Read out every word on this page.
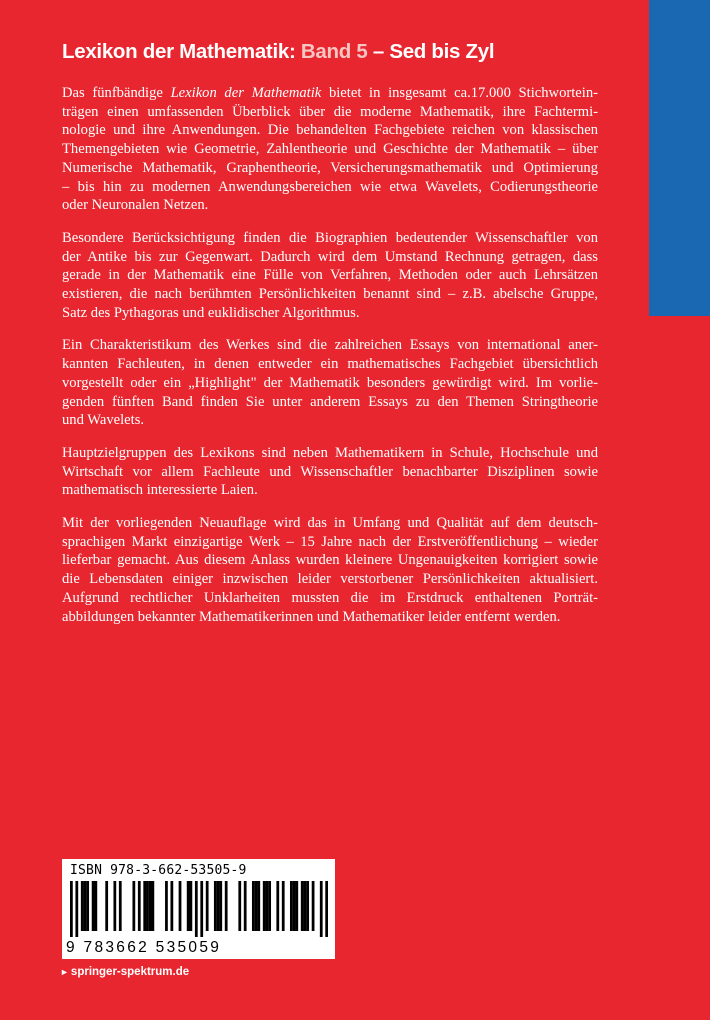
Lexikon der Mathematik: Band 5 – Sed bis Zyl

Das fünfbändige Lexikon der Mathematik bietet in insgesamt ca.17.000 Stichwortein-
trägen einen umfassenden Überblick über die moderne Mathematik, ihre Fachtermi-
nologie und ihre Anwendungen. Die behandelten Fachgebiete reichen von klassischen
Themengebieten wie Geometrie, Zahlentheorie und Geschichte der Mathematik – über
Numerische Mathematik, Graphentheorie, Versicherungsmathematik und Optimierung
– bis hin zu modernen Anwendungsbereichen wie etwa Wavelets, Codierungstheorie
oder Neuronalen Netzen.

Besondere Berücksichtigung finden die Biographien bedeutender Wissenschaftler von
der Antike bis zur Gegenwart. Dadurch wird dem Umstand Rechnung getragen, dass
gerade in der Mathematik eine Fülle von Verfahren, Methoden oder auch Lehrsätzen
existieren, die nach berühmten Persönlichkeiten benannt sind – z.B. abelsche Gruppe,
Satz des Pythagoras und euklidischer Algorithmus.

Ein Charakteristikum des Werkes sind die zahlreichen Essays von international aner-
kannten Fachleuten, in denen entweder ein mathematisches Fachgebiet übersichtlich
vorgestellt oder ein „Highlight" der Mathematik besonders gewürdigt wird. Im vorlie-
genden fünften Band finden Sie unter anderem Essays zu den Themen Stringtheorie
und Wavelets.

Hauptzielgruppen des Lexikons sind neben Mathematikern in Schule, Hochschule und
Wirtschaft vor allem Fachleute und Wissenschaftler benachbarter Disziplinen sowie
mathematisch interessierte Laien.

Mit der vorliegenden Neuauflage wird das in Umfang und Qualität auf dem deutsch-
sprachigen Markt einzigartige Werk – 15 Jahre nach der Erstveröffentlichung – wieder
lieferbar gemacht. Aus diesem Anlass wurden kleinere Ungenauigkeiten korrigiert sowie
die Lebensdaten einiger inzwischen leider verstorbener Persönlichkeiten aktualisiert.
Aufgrund rechtlicher Unklarheiten mussten die im Erstdruck enthaltenen Porträt-
abbildungen bekannter Mathematikerinnen und Mathematiker leider entfernt werden.

ISBN 978-3-662-53505-9
9 783662 535059
► springer-spektrum.de
